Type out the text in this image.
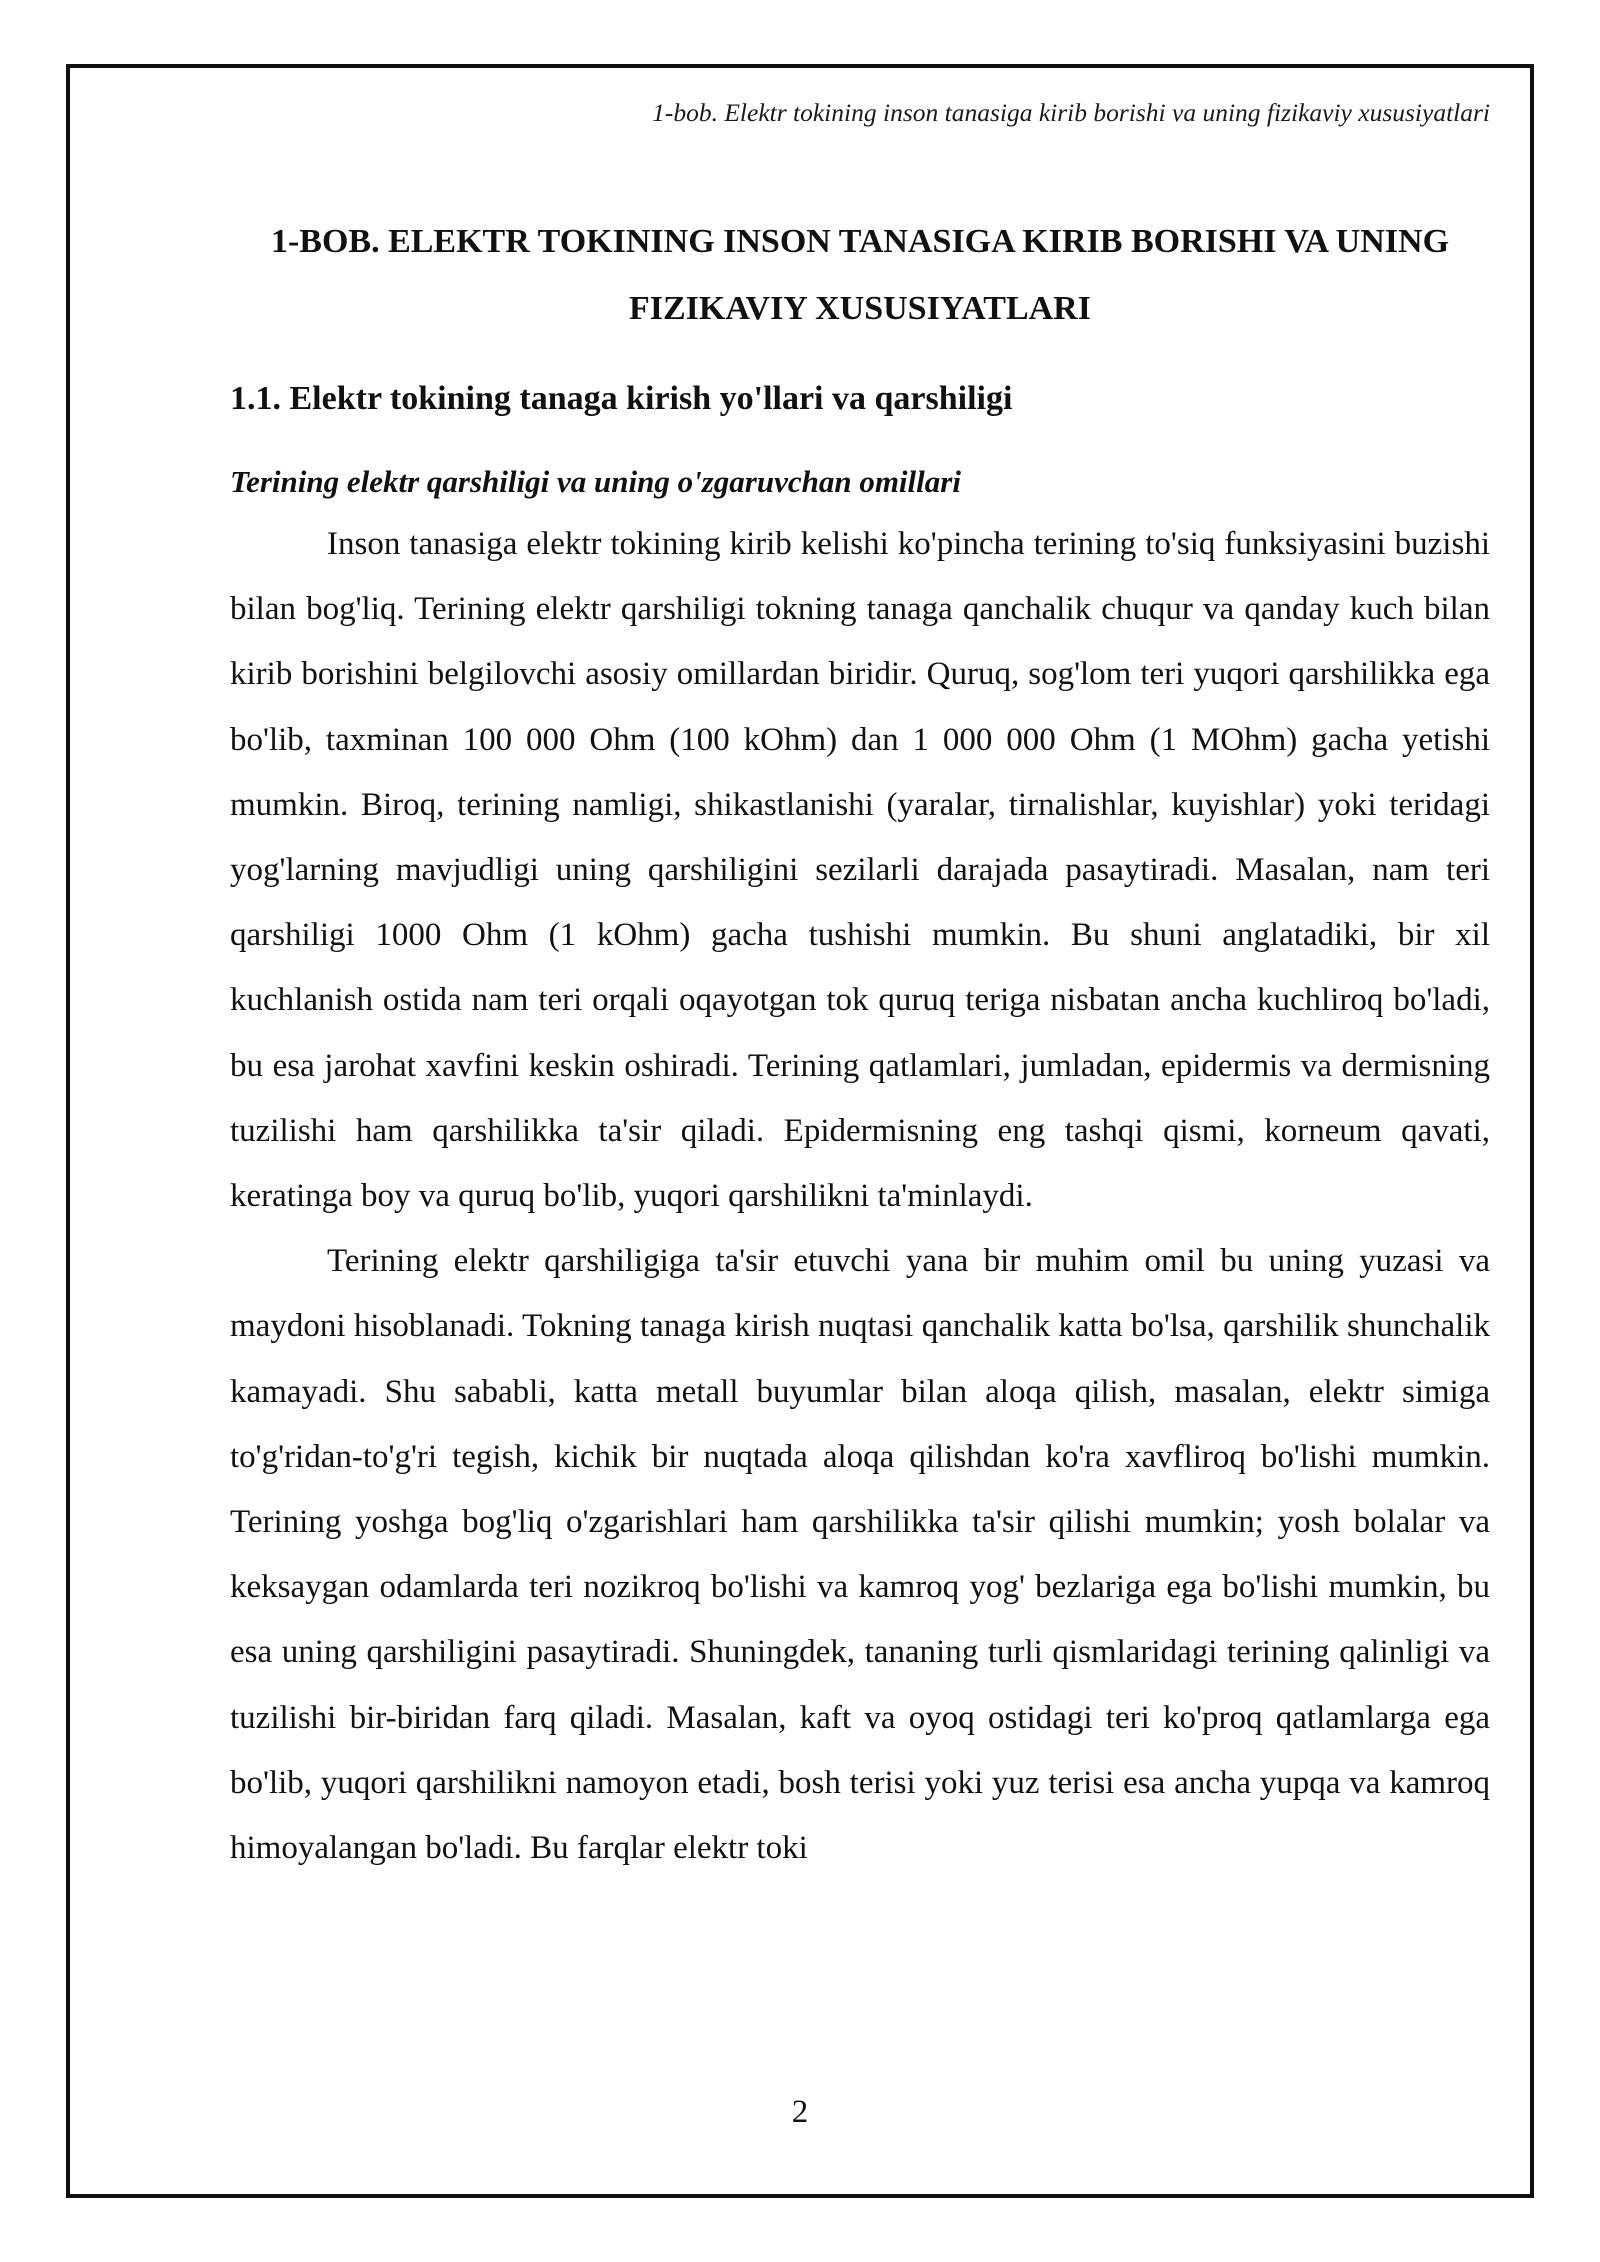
1-bob. Elektr tokining inson tanasiga kirib borishi va uning fizikaviy xususiyatlari
1-BOB. ELEKTR TOKINING INSON TANASIGA KIRIB BORISHI VA UNING FIZIKAVIY XUSUSIYATLARI
1.1. Elektr tokining tanaga kirish yo'llari va qarshiligi
Terining elektr qarshiligi va uning o'zgaruvchan omillari

Inson tanasiga elektr tokining kirib kelishi ko'pincha terining to'siq funksiyasini buzishi bilan bog'liq. Terining elektr qarshiligi tokning tanaga qanchalik chuqur va qanday kuch bilan kirib borishini belgilovchi asosiy omillardan biridir. Quruq, sog'lom teri yuqori qarshilikka ega bo'lib, taxminan 100 000 Ohm (100 kOhm) dan 1 000 000 Ohm (1 MOhm) gacha yetishi mumkin. Biroq, terining namligi, shikastlanishi (yaralar, tirnalishlar, kuyishlar) yoki teridagi yog'larning mavjudligi uning qarshiligini sezilarli darajada pasaytiradi. Masalan, nam teri qarshiligi 1000 Ohm (1 kOhm) gacha tushishi mumkin. Bu shuni anglatadiki, bir xil kuchlanish ostida nam teri orqali oqayotgan tok quruq teriga nisbatan ancha kuchliroq bo'ladi, bu esa jarohat xavfini keskin oshiradi. Terining qatlamlari, jumladan, epidermis va dermisning tuzilishi ham qarshilikka ta'sir qiladi. Epidermisning eng tashqi qismi, korneum qavati, keratinga boy va quruq bo'lib, yuqori qarshilikni ta'minlaydi.

Terining elektr qarshiligiga ta'sir etuvchi yana bir muhim omil bu uning yuzasi va maydoni hisoblanadi. Tokning tanaga kirish nuqtasi qanchalik katta bo'lsa, qarshilik shunchalik kamayadi. Shu sababli, katta metall buyumlar bilan aloqa qilish, masalan, elektr simiga to'g'ridan-to'g'ri tegish, kichik bir nuqtada aloqa qilishdan ko'ra xavfliroq bo'lishi mumkin. Terining yoshga bog'liq o'zgarishlari ham qarshilikka ta'sir qilishi mumkin; yosh bolalar va keksaygan odamlarda teri nozikroq bo'lishi va kamroq yog' bezlariga ega bo'lishi mumkin, bu esa uning qarshiligini pasaytiradi. Shuningdek, tananing turli qismlaridagi terining qalinligi va tuzilishi bir-biridan farq qiladi. Masalan, kaft va oyoq ostidagi teri ko'proq qatlamlarga ega bo'lib, yuqori qarshilikni namoyon etadi, bosh terisi yoki yuz terisi esa ancha yupqa va kamroq himoyalangan bo'ladi. Bu farqlar elektr toki

2
